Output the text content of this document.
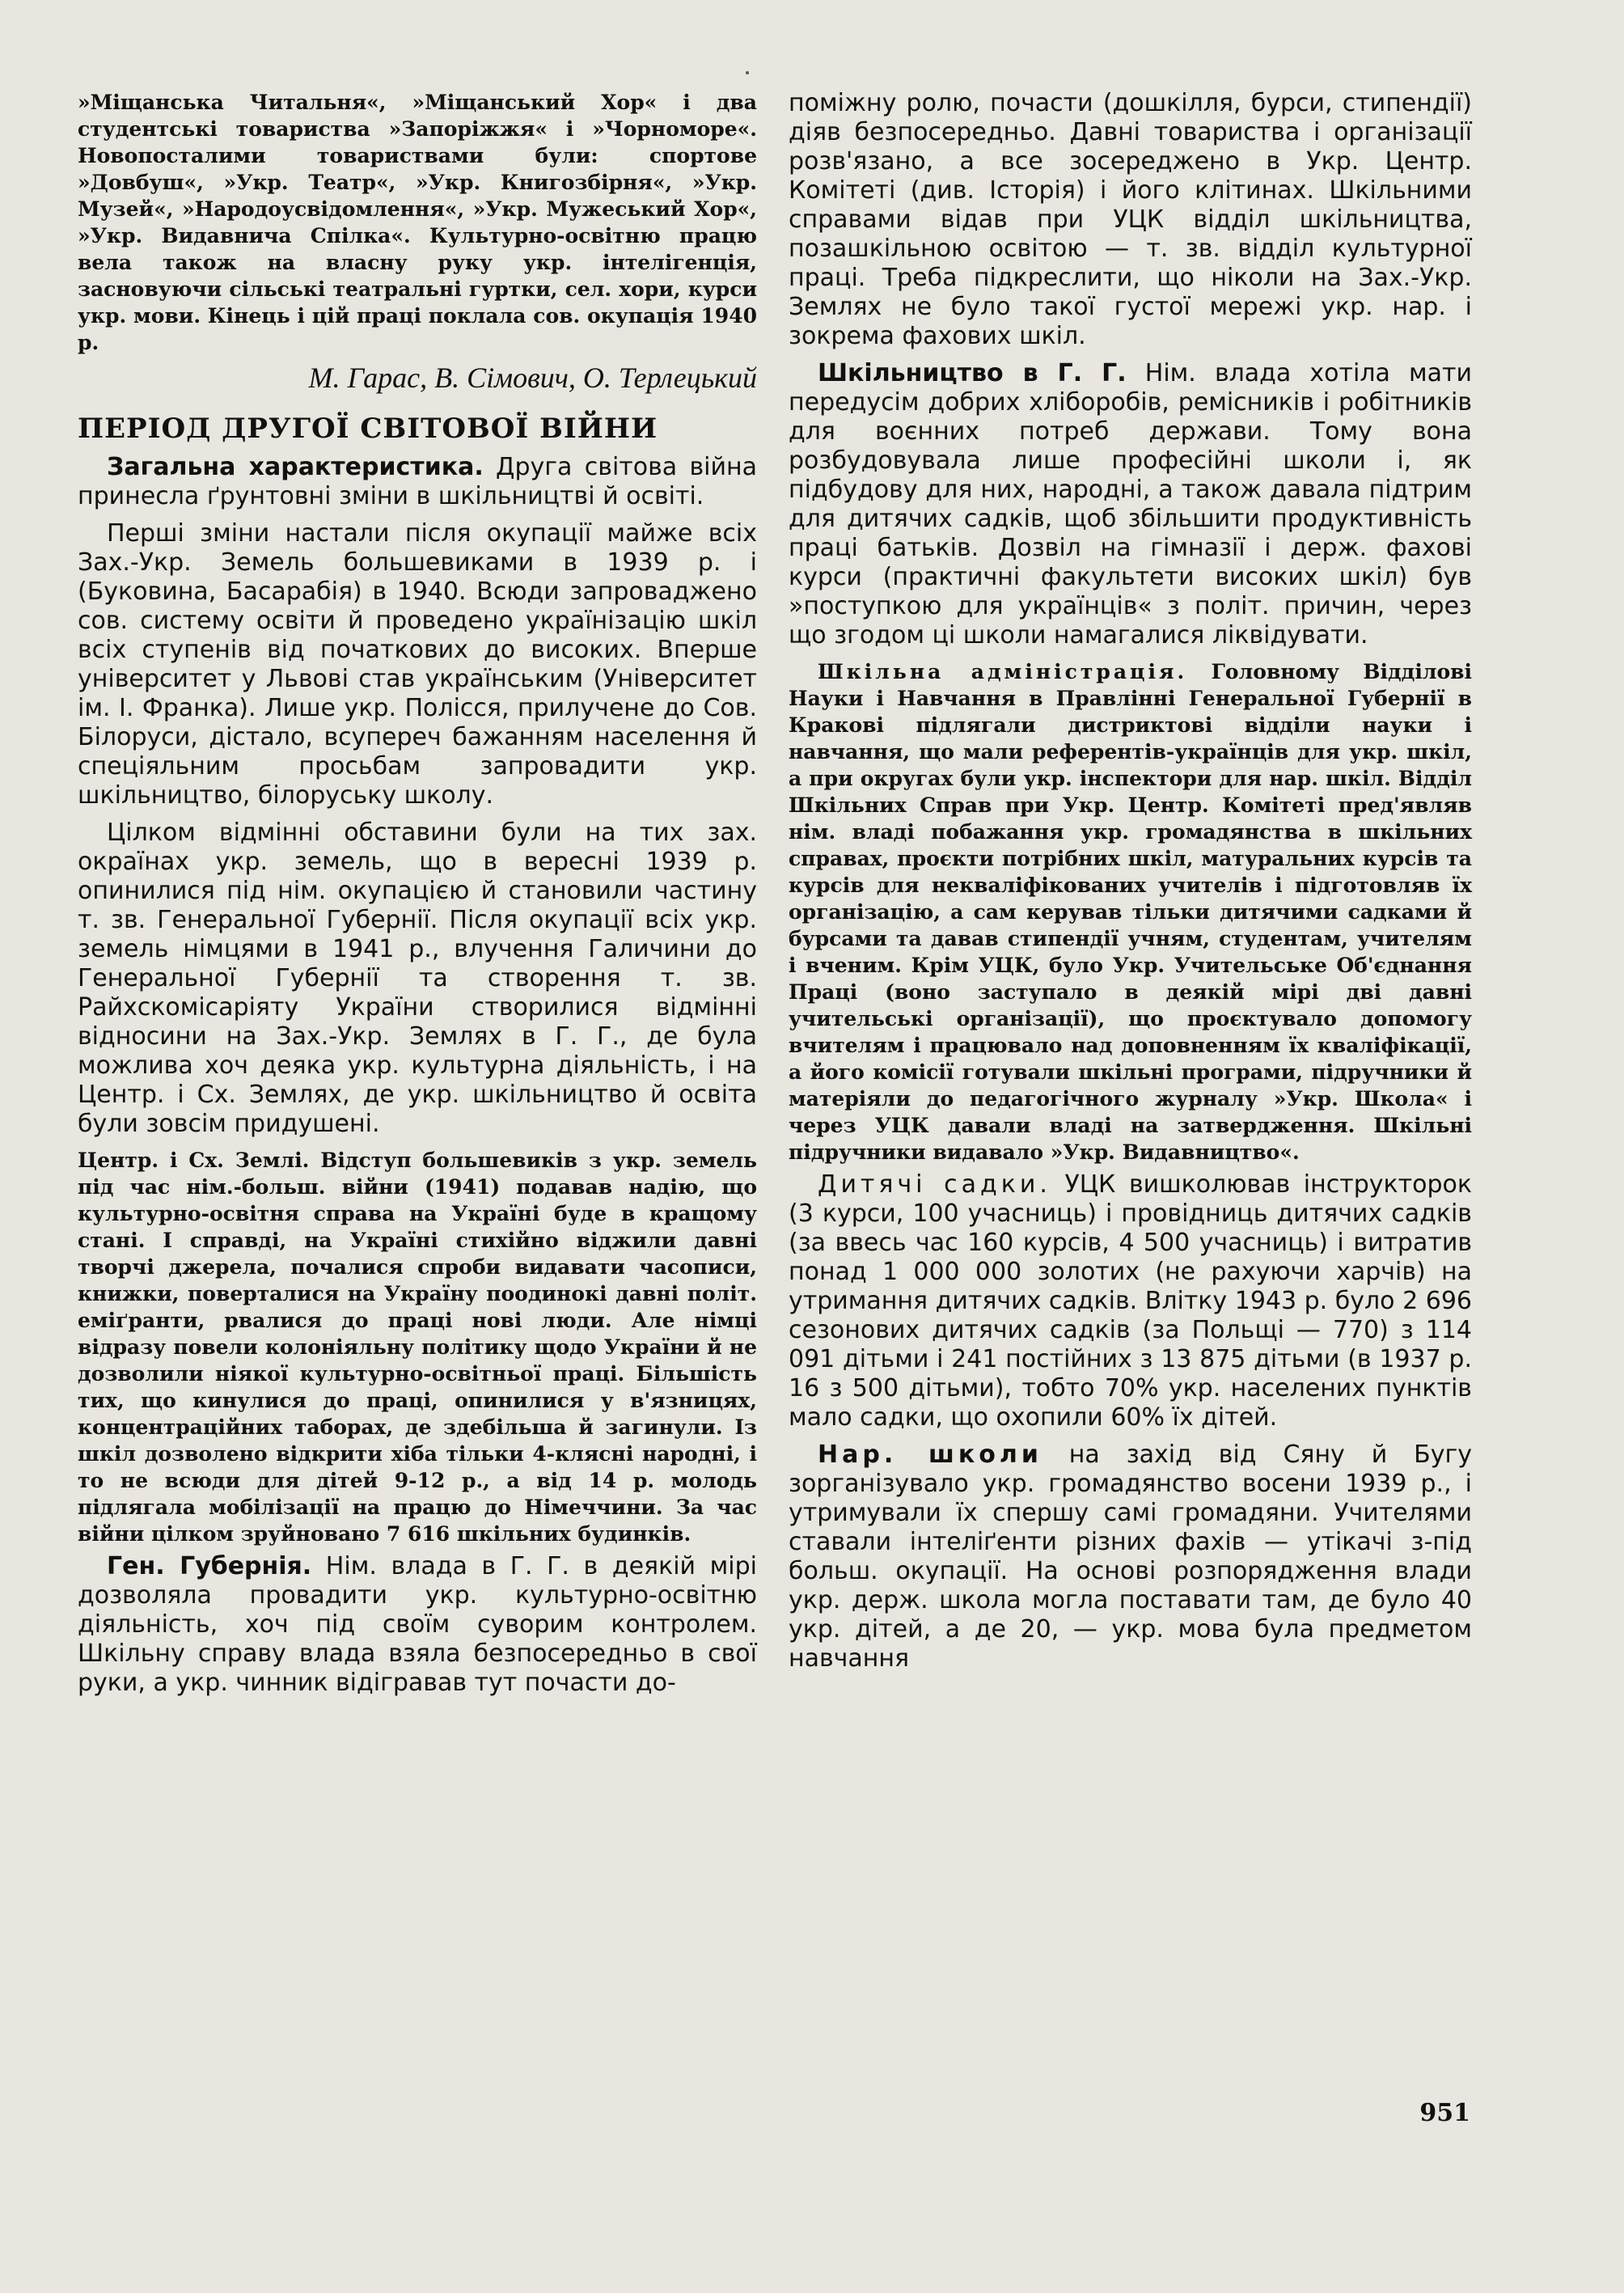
»Міщанська Читальня«, »Міщанський Хор« і два студентські товариства »Запоріжжя« і »Чорноморе«. Новопосталими товариствами були: спортове »Довбуш«, »Укр. Театр«, »Укр. Книгозбірня«, »Укр. Музей«, »Народоусвідомлення«, »Укр. Мужеський Хор«, »Укр. Видавнича Спілка«. Культурно-освітню працю вела також на власну руку укр. інтелігенція, засновуючи сільські театральні гуртки, сел. хори, курси укр. мови. Кінець і цій праці поклала сов. окупація 1940 р.

М. Гарас, В. Сімович, О. Терлецький
ПЕРІОД ДРУГОЇ СВІТОВОЇ ВІЙНИ

Загальна характеристика. Друга світова війна принесла ґрунтовні зміни в шкільництві й освіті.

Перші зміни настали після окупації майже всіх Зах.-Укр. Земель большевиками в 1939 р. і (Буковина, Басарабія) в 1940. Всюди запроваджено сов. систему освіти й проведено українізацію шкіл всіх ступенів від початкових до високих. Вперше університет у Львові став українським (Університет ім. І. Франка). Лише укр. Полісся, прилучене до Сов. Білоруси, дістало, всупереч бажанням населення й спеціяльним просьбам запровадити укр. шкільництво, білоруську школу.

Цілком відмінні обставини були на тих зах. окраїнах укр. земель, що в вересні 1939 р. опинилися під нім. окупацією й становили частину т. зв. Генеральної Губернії. Після окупації всіх укр. земель німцями в 1941 р., влучення Галичини до Генеральної Губернії та створення т. зв. Райхскомісаріяту України створилися відмінні відносини на Зах.-Укр. Землях в Г. Г., де була можлива хоч деяка укр. культурна діяльність, і на Центр. і Сх. Землях, де укр. шкільництво й освіта були зовсім придушені.

Центр. і Сх. Землі. Відступ большевиків з укр. земель під час нім.-больш. війни (1941) подавав надію, що культурно-освітня справа на Україні буде в кращому стані. І справді, на Україні стихійно віджили давні творчі джерела, почалися спроби видавати часописи, книжки, поверталися на Україну поодинокі давні політ. еміґранти, рвалися до праці нові люди. Але німці відразу повели колоніяльну політику щодо України й не дозволили ніякої культурно-освітньої праці. Більшість тих, що кинулися до праці, опинилися у в'язницях, концентраційних таборах, де здебільша й загинули. Із шкіл дозволено відкрити хіба тільки 4-клясні народні, і то не всюди для дітей 9-12 р., а від 14 р. молодь підлягала мобілізації на працю до Німеччини. За час війни цілком зруйновано 7 616 шкільних будинків.

Ген. Губернія. Нім. влада в Г. Г. в деякій мірі дозволяла провадити укр. культурно-освітню діяльність, хоч під своїм суворим контролем. Шкільну справу влада взяла безпосередньо в свої руки, а укр. чинник відігравав тут почасти до-

поміжну ролю, почасти (дошкілля, бурси, стипендії) діяв безпосередньо. Давні товариства і організації розв'язано, а все зосереджено в Укр. Центр. Комітеті (див. Історія) і його клітинах. Шкільними справами відав при УЦК відділ шкільництва, позашкільною освітою — т. зв. відділ культурної праці. Треба підкреслити, що ніколи на Зах.-Укр. Землях не було такої густої мережі укр. нар. і зокрема фахових шкіл.

Шкільництво в Г. Г. Нім. влада хотіла мати передусім добрих хліборобів, ремісників і робітників для воєнних потреб держави. Тому вона розбудовувала лише професійні школи і, як підбудову для них, народні, а також давала підтрим для дитячих садків, щоб збільшити продуктивність праці батьків. Дозвіл на гімназії і держ. фахові курси (практичні факультети високих шкіл) був »поступкою для українців« з політ. причин, через що згодом ці школи намагалися ліквідувати.

Шкільна адміністрація. Головному Відділові Науки і Навчання в Правлінні Генеральної Губернії в Кракові підлягали дистриктові відділи науки і навчання, що мали референтів-українців для укр. шкіл, а при округах були укр. інспектори для нар. шкіл. Відділ Шкільних Справ при Укр. Центр. Комітеті пред'являв нім. владі побажання укр. громадянства в шкільних справах, проєкти потрібних шкіл, матуральних курсів та курсів для некваліфікованих учителів і підготовляв їх організацію, а сам керував тільки дитячими садками й бурсами та давав стипендії учням, студентам, учителям і вченим. Крім УЦК, було Укр. Учительське Об'єднання Праці (воно заступало в деякій мірі дві давні учительські організації), що проєктувало допомогу вчителям і працювало над доповненням їх кваліфікації, а його комісії готували шкільні програми, підручники й матеріяли до педагогічного журналу »Укр. Школа« і через УЦК давали владі на затвердження. Шкільні підручники видавало »Укр. Видавництво«.

Дитячі садки. УЦК вишколював інструкторок (3 курси, 100 учасниць) і провідниць дитячих садків (за ввесь час 160 курсів, 4 500 учасниць) і витратив понад 1 000 000 золотих (не рахуючи харчів) на утримання дитячих садків. Влітку 1943 р. було 2 696 сезонових дитячих садків (за Польщі — 770) з 114 091 дітьми і 241 постійних з 13 875 дітьми (в 1937 р. 16 з 500 дітьми), тобто 70% укр. населених пунктів мало садки, що охопили 60% їх дітей.

Нар. школи на захід від Сяну й Бугу зорганізувало укр. громадянство восени 1939 р., і утримували їх спершу самі громадяни. Учителями ставали інтеліґенти різних фахів — утікачі з-під больш. окупації. На основі розпорядження влади укр. держ. школа могла поставати там, де було 40 укр. дітей, а де 20, — укр. мова була предметом навчання

951
